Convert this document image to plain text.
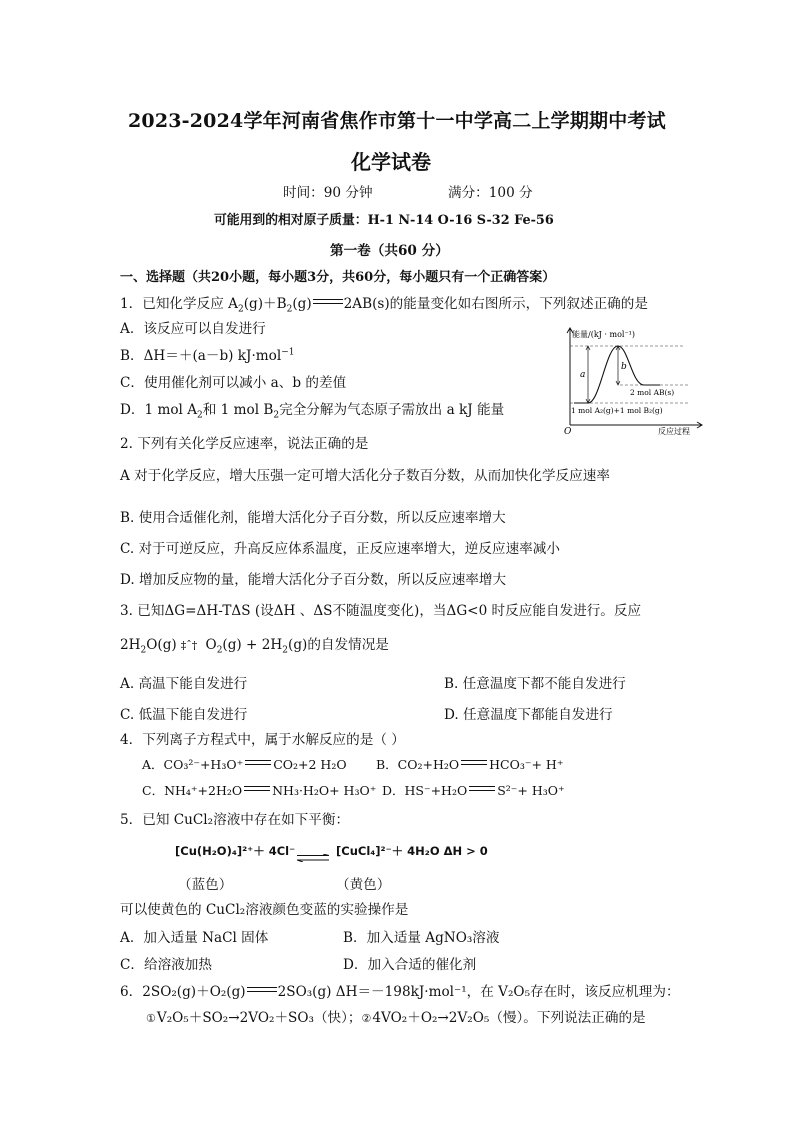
2023-2024学年河南省焦作市第十一中学高二上学期期中考试
化学试卷
时间：90 分钟	满分：100 分
可能用到的相对原子质量：H-1 N-14 O-16 S-32 Fe-56
第一卷（共60 分）
一、选择题（共20小题，每小题3分，共60分，每小题只有一个正确答案）
1．已知化学反应 $A_2(g)+B_2(g)$ 2AB(s)的能量变化如右图所示，下列叙述正确的是
A．该反应可以自发进行
B．ΔH＝＋(a－b) kJ·mol$^{-1}$
C．使用催化剂可以减小 a、b 的差值
D．1 mol $A_2$和 1 mol $B_2$完全分解为气态原子需放出 a kJ 能量
能量/(kJ · mol⁻¹)
O	反应过程
a
b
2 mol AB(s)
1 mol A₂(g)+1 mol B₂(g)
2. 下列有关化学反应速率，说法正确的是
A 对于化学反应，增大压强一定可增大活化分子数百分数，从而加快化学反应速率
B. 使用合适催化剂，能增大活化分子百分数，所以反应速率增大
C. 对于可逆反应，升高反应体系温度，正反应速率增大，逆反应速率减小
D. 增加反应物的量，能增大活化分子百分数，所以反应速率增大
3. 已知ΔG=ΔH-TΔS (设ΔH 、ΔS不随温度变化)，当ΔG<0 时反应能自发进行。反应
$2H_2O(g)$ ‡ˆ† $O_2(g) + 2H_2(g)$的自发情况是
A. 高温下能自发进行	B. 任意温度下都不能自发进行
C. 低温下能自发进行	D. 任意温度下都能自发进行
4．下列离子方程式中，属于水解反应的是（ ）
A．CO₃²⁻+H₃O⁺ CO₂+2 H₂O B．CO₂+H₂O HCO₃⁻+ H⁺
C．NH₄⁺+2H₂O NH₃·H₂O+ H₃O⁺ D．HS⁻+H₂O S²⁻+ H₃O⁺
5．已知 CuCl₂溶液中存在如下平衡：
[Cu(H₂O)₄]²⁺＋ 4Cl⁻ ⇌ [CuCl₄]²⁻＋ 4H₂O ΔH > 0
（蓝色）	（黄色）
可以使黄色的 CuCl₂溶液颜色变蓝的实验操作是
A．加入适量 NaCl 固体	B．加入适量 AgNO₃溶液
C．给溶液加热	D．加入合适的催化剂
6．2SO₂(g)＋O₂(g) 2SO₃(g) ΔH＝－198kJ·mol⁻¹，在 V₂O₅存在时，该反应机理为：
①V₂O₅＋SO₂→2VO₂＋SO₃（快）；②4VO₂＋O₂→2V₂O₅（慢）。下列说法正确的是
